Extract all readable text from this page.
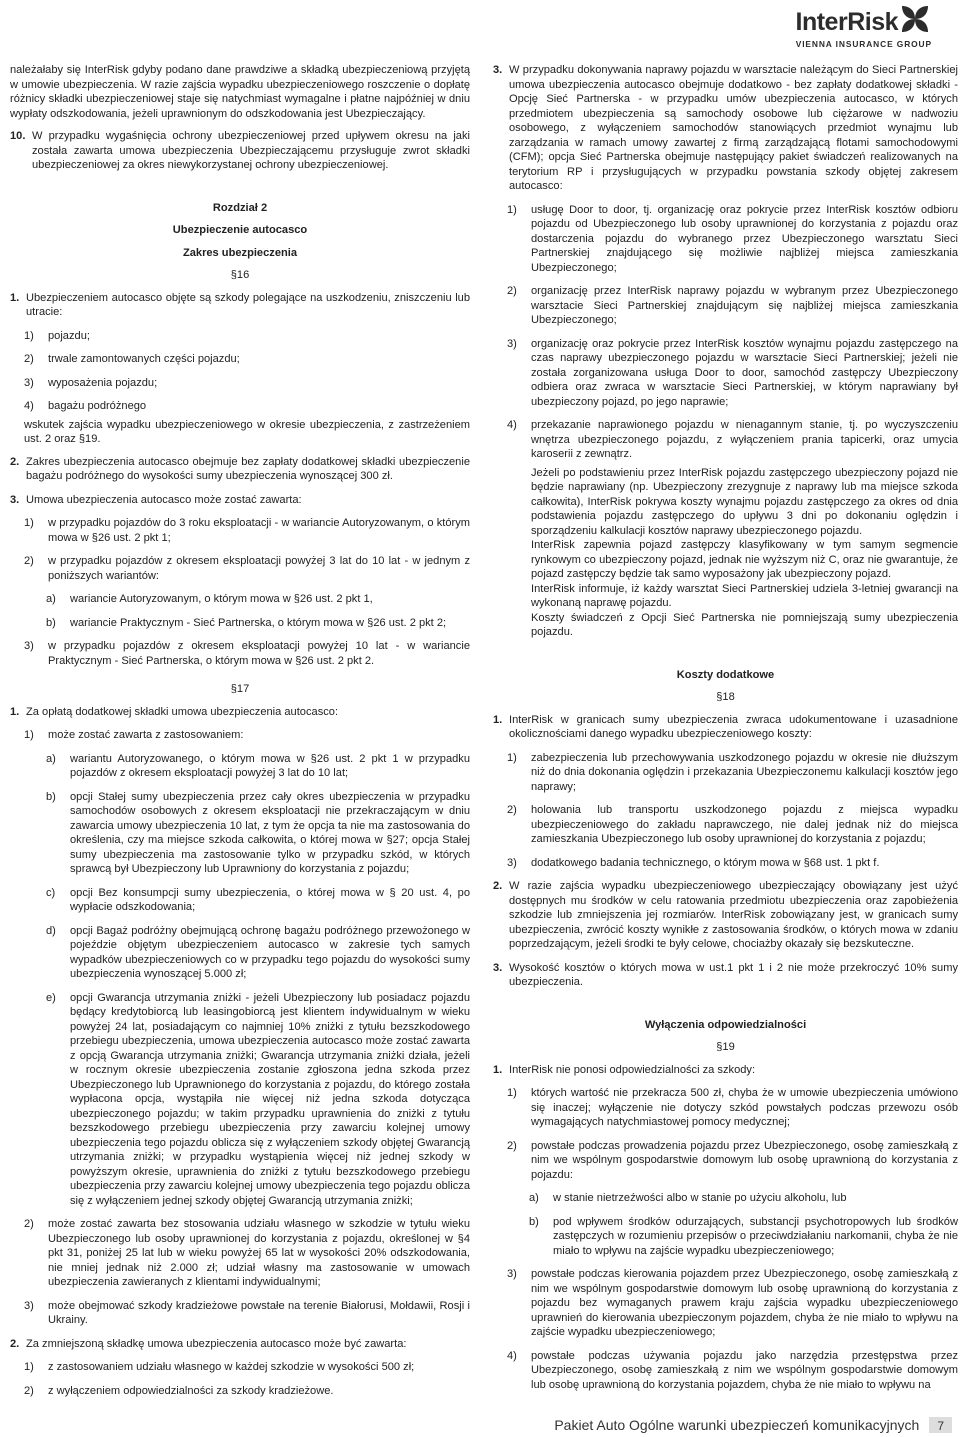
InterRisk
VIENNA INSURANCE GROUP

należałaby się InterRisk gdyby podano dane prawdziwe a składką ubezpieczeniową przyjętą w umowie ubezpieczenia. W razie zajścia wypadku ubezpieczeniowego roszczenie o dopłatę różnicy składki ubezpieczeniowej staje się natychmiast wymagalne i płatne najpóźniej w dniu wypłaty odszkodowania, jeżeli uprawnionym do odszkodowania jest Ubezpieczający.

10. W przypadku wygaśnięcia ochrony ubezpieczeniowej przed upływem okresu na jaki została zawarta umowa ubezpieczenia Ubezpieczającemu przysługuje zwrot składki ubezpieczeniowej za okres niewykorzystanej ochrony ubezpieczeniowej.
Rozdział 2
Ubezpieczenie autocasco
Zakres ubezpieczenia
§16
1. Ubezpieczeniem autocasco objęte są szkody polegające na uszkodzeniu, zniszczeniu lub utracie:
1)	pojazdu;
2)	trwale zamontowanych części pojazdu;
3)	wyposażenia pojazdu;
4)	bagażu podróżnego

wskutek zajścia wypadku ubezpieczeniowego w okresie ubezpieczenia, z zastrzeżeniem ust. 2 oraz §19.

2. Zakres ubezpieczenia autocasco obejmuje bez zapłaty dodatkowej składki ubezpieczenie bagażu podróżnego do wysokości sumy ubezpieczenia wynoszącej 300 zł.
3. Umowa ubezpieczenia autocasco może zostać zawarta:
1)	w przypadku pojazdów do 3 roku eksploatacji - w wariancie Autoryzowanym, o którym mowa w §26 ust. 2 pkt 1;
2)	w przypadku pojazdów z okresem eksploatacji powyżej 3 lat do 10 lat - w jednym z poniższych wariantów:
a)	wariancie Autoryzowanym, o którym mowa w §26 ust. 2 pkt 1,
b)	wariancie Praktycznym - Sieć Partnerska, o którym mowa w §26 ust. 2 pkt 2;
3)	w przypadku pojazdów z okresem eksploatacji powyżej 10 lat - w wariancie Praktycznym - Sieć Partnerska, o którym mowa w §26 ust. 2 pkt 2.
§17
1. Za opłatą dodatkowej składki umowa ubezpieczenia autocasco:
1)	może zostać zawarta z zastosowaniem:
a)	wariantu Autoryzowanego, o którym mowa w §26 ust. 2 pkt 1 w przypadku pojazdów z okresem eksploatacji powyżej 3 lat do 10 lat;
b)	opcji Stałej sumy ubezpieczenia przez cały okres ubezpieczenia w przypadku samochodów osobowych z okresem eksploatacji nie przekraczającym w dniu zawarcia umowy ubezpieczenia 10 lat, z tym że opcja ta nie ma zastosowania do określenia, czy ma miejsce szkoda całkowita, o której mowa w §27; opcja Stałej sumy ubezpieczenia ma zastosowanie tylko w przypadku szkód, w których sprawcą był Ubezpieczony lub Uprawniony do korzystania z pojazdu;
c)	opcji Bez konsumpcji sumy ubezpieczenia, o której mowa w § 20 ust. 4, po wypłacie odszkodowania;
d)	opcji Bagaż podróżny obejmującą ochronę bagażu podróżnego przewożonego w pojeździe objętym ubezpieczeniem autocasco w zakresie tych samych wypadków ubezpieczeniowych co w przypadku tego pojazdu do wysokości sumy ubezpieczenia wynoszącej 5.000 zł;
e)	opcji Gwarancja utrzymania zniżki - jeżeli Ubezpieczony lub posiadacz pojazdu będący kredytobiorcą lub leasingobiorcą jest klientem indywidualnym w wieku powyżej 24 lat, posiadającym co najmniej 10% zniżki z tytułu bezszkodowego przebiegu ubezpieczenia, umowa ubezpieczenia autocasco może zostać zawarta z opcją Gwarancja utrzymania zniżki; Gwarancja utrzymania zniżki działa, jeżeli w rocznym okresie ubezpieczenia zostanie zgłoszona jedna szkoda przez Ubezpieczonego lub Uprawnionego do korzystania z pojazdu, do którego została wypłacona opcja, wystąpiła nie więcej niż jedna szkoda dotycząca ubezpieczonego pojazdu; w takim przypadku uprawnienia do zniżki z tytułu bezszkodowego przebiegu ubezpieczenia przy zawarciu kolejnej umowy ubezpieczenia tego pojazdu oblicza się z wyłączeniem szkody objętej Gwarancją utrzymania zniżki; w przypadku wystąpienia więcej niż jednej szkody w powyższym okresie, uprawnienia do zniżki z tytułu bezszkodowego przebiegu ubezpieczenia przy zawarciu kolejnej umowy ubezpieczenia tego pojazdu oblicza się z wyłączeniem jednej szkody objętej Gwarancją utrzymania zniżki;
2)	może zostać zawarta bez stosowania udziału własnego w szkodzie w tytułu wieku Ubezpieczonego lub osoby uprawnionej do korzystania z pojazdu, określonej w §4 pkt 31, poniżej 25 lat lub w wieku powyżej 65 lat w wysokości 20% odszkodowania, nie mniej jednak niż 2.000 zł; udział własny ma zastosowanie w umowach ubezpieczenia zawieranych z klientami indywidualnymi;
3)	może obejmować szkody kradzieżowe powstałe na terenie Białorusi, Mołdawii, Rosji i Ukrainy.
2. Za zmniejszoną składkę umowa ubezpieczenia autocasco może być zawarta:
1)	z zastosowaniem udziału własnego w każdej szkodzie w wysokości 500 zł;
2)	z wyłączeniem odpowiedzialności za szkody kradzieżowe.
3. W przypadku dokonywania naprawy pojazdu w warsztacie należącym do Sieci Partnerskiej umowa ubezpieczenia autocasco obejmuje dodatkowo - bez zapłaty dodatkowej składki - Opcję Sieć Partnerska - w przypadku umów ubezpieczenia autocasco, w których przedmiotem ubezpieczenia są samochody osobowe lub ciężarowe w nadwoziu osobowego, z wyłączeniem samochodów stanowiących przedmiot wynajmu lub zarządzania w ramach umowy zawartej z firmą zarządzającą flotami samochodowymi (CFM); opcja Sieć Partnerska obejmuje następujący pakiet świadczeń realizowanych na terytorium RP i przysługujących w przypadku powstania szkody objętej zakresem autocasco:
1)	usługę Door to door, tj. organizację oraz pokrycie przez InterRisk kosztów odbioru pojazdu od Ubezpieczonego lub osoby uprawnionej do korzystania z pojazdu oraz dostarczenia pojazdu do wybranego przez Ubezpieczonego warsztatu Sieci Partnerskiej znajdującego się możliwie najbliżej miejsca zamieszkania Ubezpieczonego;
2)	organizację przez InterRisk naprawy pojazdu w wybranym przez Ubezpieczonego warsztacie Sieci Partnerskiej znajdującym się najbliżej miejsca zamieszkania Ubezpieczonego;
3)	organizację oraz pokrycie przez InterRisk kosztów wynajmu pojazdu zastępczego na czas naprawy ubezpieczonego pojazdu w warsztacie Sieci Partnerskiej; jeżeli nie została zorganizowana usługa Door to door, samochód zastępczy Ubezpieczony odbiera oraz zwraca w warsztacie Sieci Partnerskiej, w którym naprawiany był ubezpieczony pojazd, po jego naprawie;
4)	przekazanie naprawionego pojazdu w nienagannym stanie, tj. po wyczyszczeniu wnętrza ubezpieczonego pojazdu, z wyłączeniem prania tapicerki, oraz umycia karoserii z zewnątrz.

Jeżeli po podstawieniu przez InterRisk pojazdu zastępczego ubezpieczony pojazd nie będzie naprawiany (np. Ubezpieczony zrezygnuje z naprawy lub ma miejsce szkoda całkowita), InterRisk pokrywa koszty wynajmu pojazdu zastępczego za okres od dnia podstawienia pojazdu zastępczego do upływu 3 dni po dokonaniu oględzin i sporządzeniu kalkulacji kosztów naprawy ubezpieczonego pojazdu.

InterRisk zapewnia pojazd zastępczy klasyfikowany w tym samym segmencie rynkowym co ubezpieczony pojazd, jednak nie wyższym niż C, oraz nie gwarantuje, że pojazd zastępczy będzie tak samo wyposażony jak ubezpieczony pojazd.

InterRisk informuje, iż każdy warsztat Sieci Partnerskiej udziela 3-letniej gwarancji na wykonaną naprawę pojazdu.

Koszty świadczeń z Opcji Sieć Partnerska nie pomniejszają sumy ubezpieczenia pojazdu.

Koszty dodatkowe
§18
1. InterRisk w granicach sumy ubezpieczenia zwraca udokumentowane i uzasadnione okolicznościami danego wypadku ubezpieczeniowego koszty:
1)	zabezpieczenia lub przechowywania uszkodzonego pojazdu w okresie nie dłuższym niż do dnia dokonania oględzin i przekazania Ubezpieczonemu kalkulacji kosztów jego naprawy;
2)	holowania lub transportu uszkodzonego pojazdu z miejsca wypadku ubezpieczeniowego do zakładu naprawczego, nie dalej jednak niż do miejsca zamieszkania Ubezpieczonego lub osoby uprawnionej do korzystania z pojazdu;
3)	dodatkowego badania technicznego, o którym mowa w §68 ust. 1 pkt f.
2. W razie zajścia wypadku ubezpieczeniowego ubezpieczający obowiązany jest użyć dostępnych mu środków w celu ratowania przedmiotu ubezpieczenia oraz zapobieżenia szkodzie lub zmniejszenia jej rozmiarów. InterRisk zobowiązany jest, w granicach sumy ubezpieczenia, zwrócić koszty wynikłe z zastosowania środków, o których mowa w zdaniu poprzedzającym, jeżeli środki te były celowe, chociażby okazały się bezskuteczne.
3. Wysokość kosztów o których mowa w ust.1 pkt 1 i 2 nie może przekroczyć 10% sumy ubezpieczenia.
Wyłączenia odpowiedzialności
§19
1. InterRisk nie ponosi odpowiedzialności za szkody:
1)	których wartość nie przekracza 500 zł, chyba że w umowie ubezpieczenia umówiono się inaczej; wyłączenie nie dotyczy szkód powstałych podczas przewozu osób wymagających natychmiastowej pomocy medycznej;
2)	powstałe podczas prowadzenia pojazdu przez Ubezpieczonego, osobę zamieszkałą z nim we wspólnym gospodarstwie domowym lub osobę uprawnioną do korzystania z pojazdu:
a)	w stanie nietrzeźwości albo w stanie po użyciu alkoholu, lub
b)	pod wpływem środków odurzających, substancji psychotropowych lub środków zastępczych w rozumieniu przepisów o przeciwdziałaniu narkomanii, chyba że nie miało to wpływu na zajście wypadku ubezpieczeniowego;
3)	powstałe podczas kierowania pojazdem przez Ubezpieczonego, osobę zamieszkałą z nim we wspólnym gospodarstwie domowym lub osobę uprawnioną do korzystania z pojazdu bez wymaganych prawem kraju zajścia wypadku ubezpieczeniowego uprawnień do kierowania ubezpieczonym pojazdem, chyba że nie miało to wpływu na zajście wypadku ubezpieczeniowego;
4)	powstałe podczas używania pojazdu jako narzędzia przestępstwa przez Ubezpieczonego, osobę zamieszkałą z nim we wspólnym gospodarstwie domowym lub osobę uprawnioną do korzystania pojazdem, chyba że nie miało to wpływu na
Pakiet Auto Ogólne warunki ubezpieczeń komunikacyjnych	7
